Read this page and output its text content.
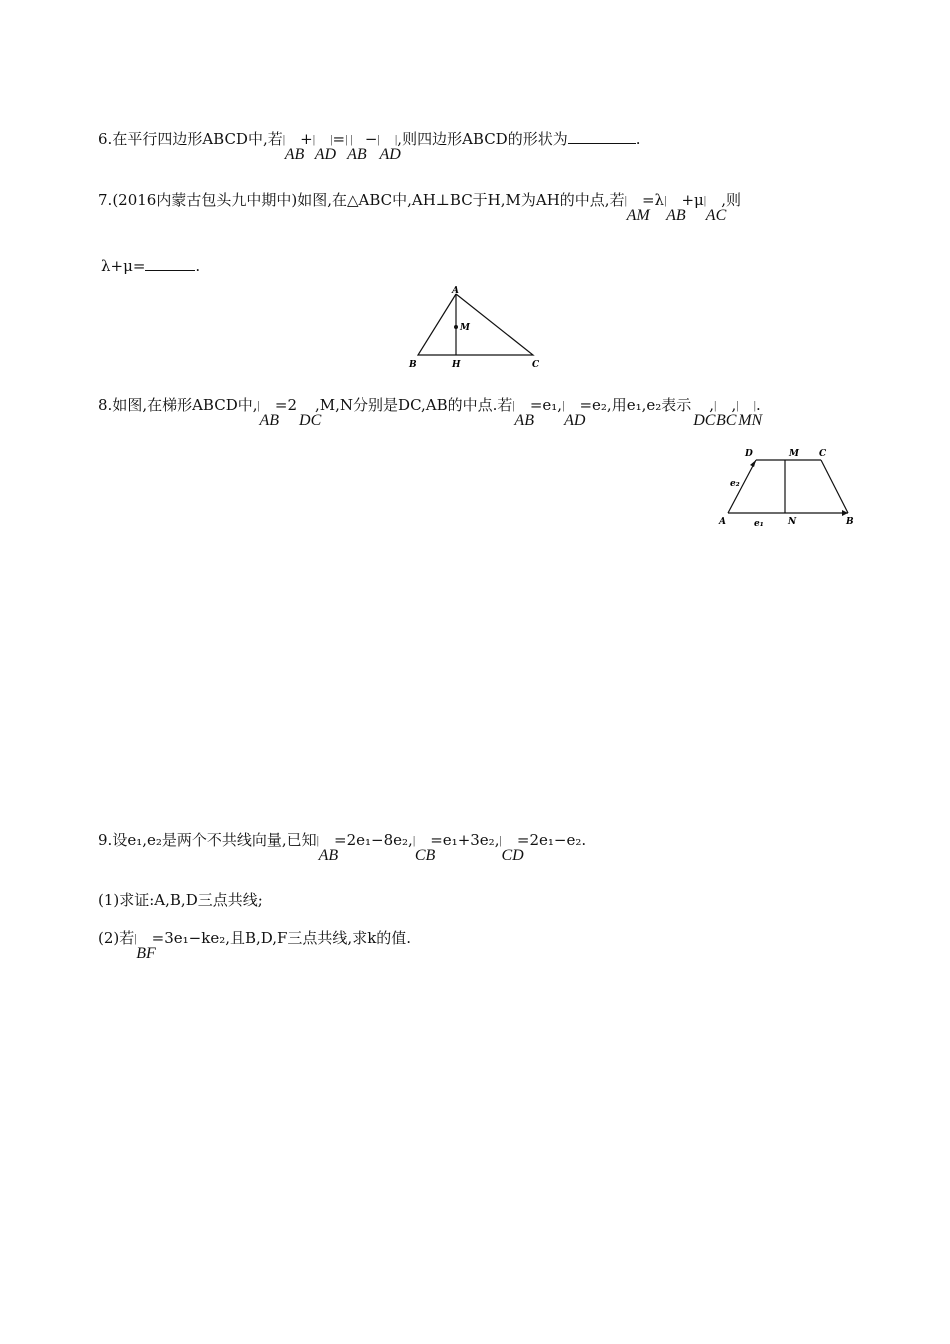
6.在平行四边形ABCD中,若|
AB
+|     |
AD
=| |
AB
−|     |
AD
,则四边形ABCD的形状为	.
7.(2016内蒙古包头九中期中)如图,在△ABC中,AH⊥BC于H,M为AH的中点,若|
AM
=λ|
AB
+μ|
AC
,则
λ+μ=	.
A
B	C
H
M
8.如图,在梯形ABCD中,|
AB
=2
DC
,M,N分别是DC,AB的中点.若|
AB
=e₁,|
AD
=e₂,用e₁,e₂表示
DC
,|
BC
,|     |
MN
.
D	M C
A	N	B
e₁
e₂
9.设e₁,e₂是两个不共线向量,已知|
AB
=2e₁−8e₂,|
CB
=e₁+3e₂,|
CD
=2e₁−e₂.
(1)求证:A,B,D三点共线;
(2)若|
BF
=3e₁−ke₂,且B,D,F三点共线,求k的值.
